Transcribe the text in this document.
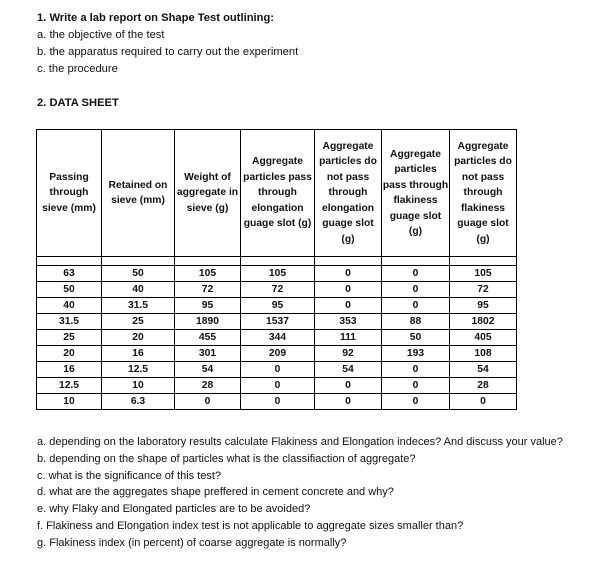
1. Write a lab report on Shape Test outlining:
a. the objective of the test
b. the apparatus required to carry out the experiment
c. the procedure
2. DATA SHEET
Passing through sieve (mm)	Retained on sieve (mm)	Weight of aggregate in sieve (g)	Aggregate particles pass through elongation guage slot (g)	Aggregate particles do not pass through elongation guage slot (g)	Aggregate particles pass through flakiness guage slot (g)	Aggregate particles do not pass through flakiness guage slot (g)

63	50	105	105	0	0	105
50	40	72	72	0	0	72
40	31.5	95	95	0	0	95
31.5	25	1890	1537	353	88	1802
25	20	455	344	111	50	405
20	16	301	209	92	193	108
16	12.5	54	0	54	0	54
12.5	10	28	0	0	0	28
10	6.3	0	0	0	0	0
a. depending on the laboratory results calculate Flakiness and Elongation indeces? And discuss your value?
b. depending on the shape of particles what is the classifiaction of aggregate?
c. what is the significance of this test?
d. what are the aggregates shape preffered in cement concrete and why?
e. why Flaky and Elongated particles are to be avoided?
f. Flakiness and Elongation index test is not applicable to aggregate sizes smaller than?
g. Flakiness index (in percent) of coarse aggregate is normally?
